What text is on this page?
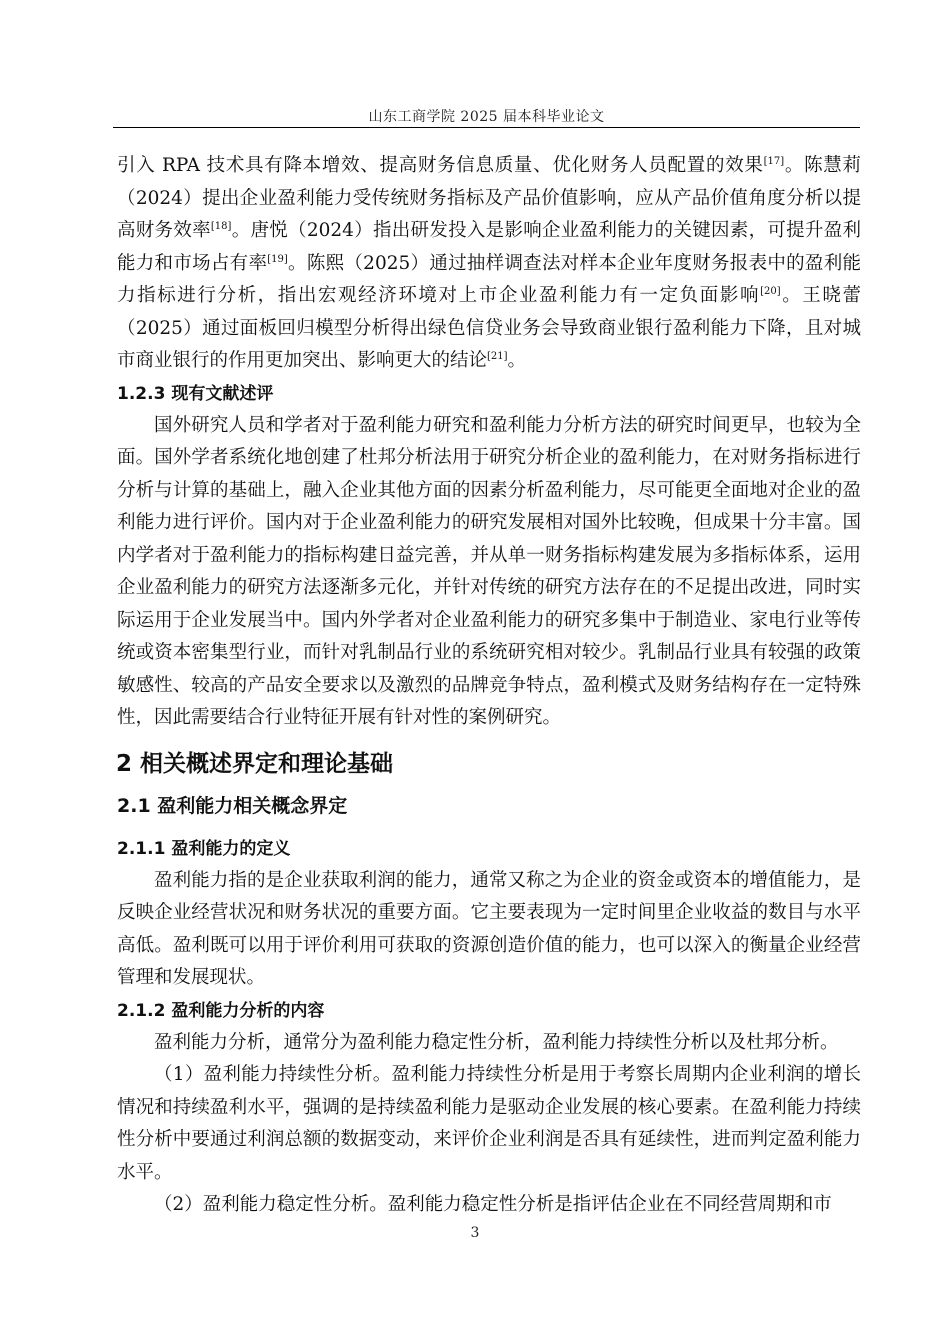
山东工商学院 2025 届本科毕业论文

引入 RPA 技术具有降本增效、提高财务信息质量、优化财务人员配置的效果[17]。陈慧莉（2024）提出企业盈利能力受传统财务指标及产品价值影响，应从产品价值角度分析以提高财务效率[18]。唐悦（2024）指出研发投入是影响企业盈利能力的关键因素，可提升盈利能力和市场占有率[19]。陈熙（2025）通过抽样调查法对样本企业年度财务报表中的盈利能力指标进行分析，指出宏观经济环境对上市企业盈利能力有一定负面影响[20]。王晓蕾（2025）通过面板回归模型分析得出绿色信贷业务会导致商业银行盈利能力下降，且对城市商业银行的作用更加突出、影响更大的结论[21]。

1.2.3 现有文献述评

国外研究人员和学者对于盈利能力研究和盈利能力分析方法的研究时间更早，也较为全面。国外学者系统化地创建了杜邦分析法用于研究分析企业的盈利能力，在对财务指标进行分析与计算的基础上，融入企业其他方面的因素分析盈利能力，尽可能更全面地对企业的盈利能力进行评价。国内对于企业盈利能力的研究发展相对国外比较晚，但成果十分丰富。国内学者对于盈利能力的指标构建日益完善，并从单一财务指标构建发展为多指标体系，运用企业盈利能力的研究方法逐渐多元化，并针对传统的研究方法存在的不足提出改进，同时实际运用于企业发展当中。国内外学者对企业盈利能力的研究多集中于制造业、家电行业等传统或资本密集型行业，而针对乳制品行业的系统研究相对较少。乳制品行业具有较强的政策敏感性、较高的产品安全要求以及激烈的品牌竞争特点，盈利模式及财务结构存在一定特殊性，因此需要结合行业特征开展有针对性的案例研究。

2 相关概述界定和理论基础
2.1 盈利能力相关概念界定
2.1.1 盈利能力的定义

盈利能力指的是企业获取利润的能力，通常又称之为企业的资金或资本的增值能力，是反映企业经营状况和财务状况的重要方面。它主要表现为一定时间里企业收益的数目与水平高低。盈利既可以用于评价利用可获取的资源创造价值的能力，也可以深入的衡量企业经营管理和发展现状。

2.1.2 盈利能力分析的内容

盈利能力分析，通常分为盈利能力稳定性分析，盈利能力持续性分析以及杜邦分析。

（1）盈利能力持续性分析。盈利能力持续性分析是用于考察长周期内企业利润的增长情况和持续盈利水平，强调的是持续盈利能力是驱动企业发展的核心要素。在盈利能力持续性分析中要通过利润总额的数据变动，来评价企业利润是否具有延续性，进而判定盈利能力水平。

（2）盈利能力稳定性分析。盈利能力稳定性分析是指评估企业在不同经营周期和市

3
